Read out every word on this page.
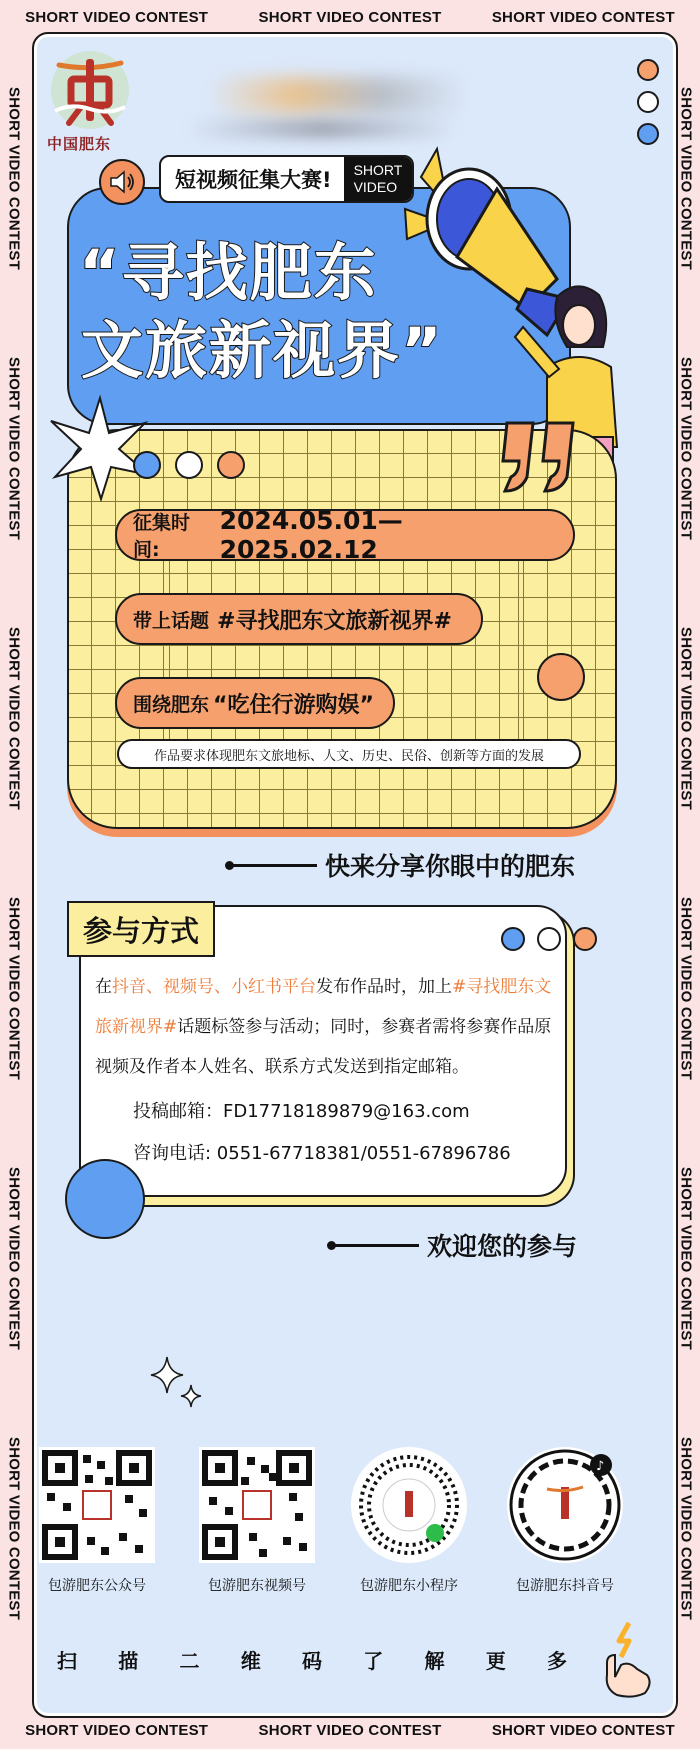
SHORT VIDEO CONTEST	SHORT VIDEO CONTEST	SHORT VIDEO CONTEST
SHORT VIDEO CONTEST	SHORT VIDEO CONTEST	SHORT VIDEO CONTEST
SHORT VIDEO CONTEST
SHORT VIDEO CONTEST
SHORT VIDEO CONTEST
SHORT VIDEO CONTEST
SHORT VIDEO CONTEST
SHORT VIDEO CONTEST
SHORT VIDEO CONTEST
SHORT VIDEO CONTEST
SHORT VIDEO CONTEST
SHORT VIDEO CONTEST
SHORT VIDEO CONTEST
SHORT VIDEO CONTEST
中国肥东
“寻找肥东
文旅新视界”
短视频征集大赛! SHORT
VIDEO
征集时间:
2024.05.01—2025.02.12
带上话题 #寻找肥东文旅新视界#
围绕肥东 “吃住行游购娱”
作品要求体现肥东文旅地标、人文、历史、民俗、创新等方面的发展
快来分享你眼中的肥东
参与方式
在抖音、视频号、小红书平台发布作品时，加上#寻找肥东文旅新视界#话题标签参与活动；同时，参赛者需将参赛作品原视频及作者本人姓名、联系方式发送到指定邮箱。
投稿邮箱：FD17718189879@163.com
咨询电话: 0551-67718381/0551-67896786
欢迎您的参与
包游肥东公众号	包游肥东视频号	包游肥东小程序
♪
包游肥东抖音号
扫 描 二 维 码 了 解 更 多
